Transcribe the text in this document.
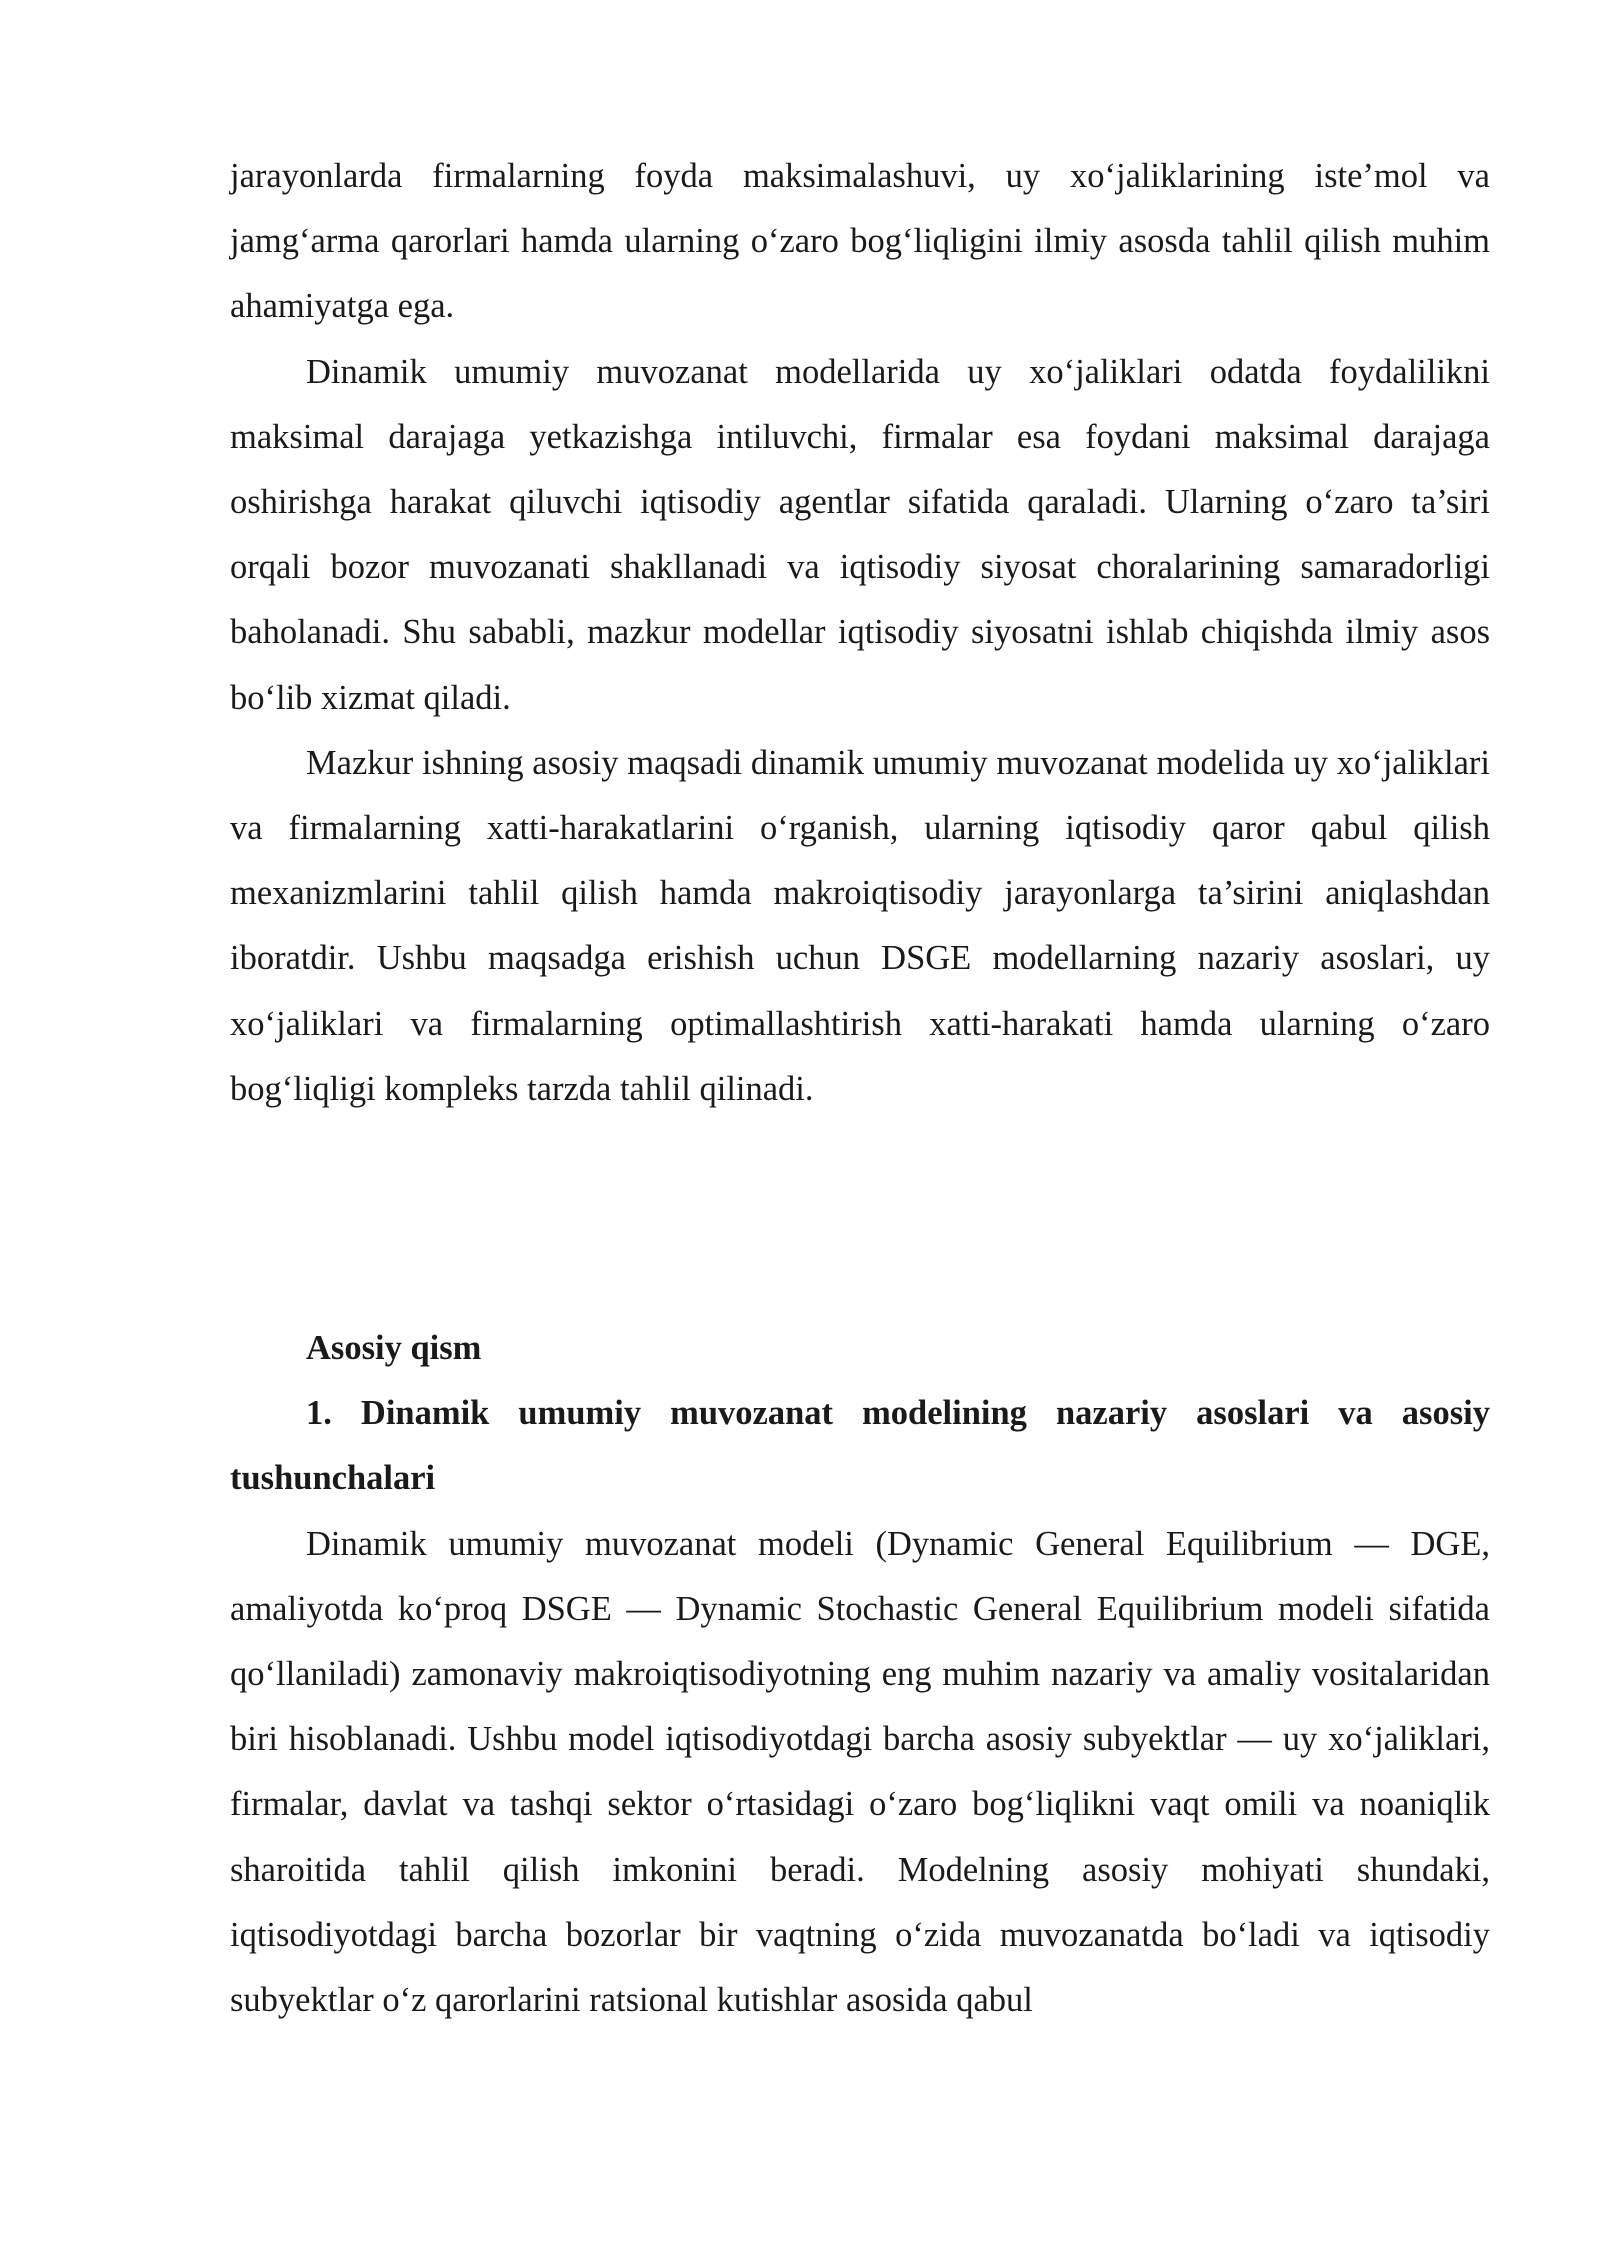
jarayonlarda firmalarning foyda maksimalashuvi, uy xo‘jaliklarining iste’mol va jamg‘arma qarorlari hamda ularning o‘zaro bog‘liqligini ilmiy asosda tahlil qilish muhim ahamiyatga ega.

Dinamik umumiy muvozanat modellarida uy xo‘jaliklari odatda foydalilikni maksimal darajaga yetkazishga intiluvchi, firmalar esa foydani maksimal darajaga oshirishga harakat qiluvchi iqtisodiy agentlar sifatida qaraladi. Ularning o‘zaro ta’siri orqali bozor muvozanati shakllanadi va iqtisodiy siyosat choralarining samaradorligi baholanadi. Shu sababli, mazkur modellar iqtisodiy siyosatni ishlab chiqishda ilmiy asos bo‘lib xizmat qiladi.

Mazkur ishning asosiy maqsadi dinamik umumiy muvozanat modelida uy xo‘jaliklari va firmalarning xatti-harakatlarini o‘rganish, ularning iqtisodiy qaror qabul qilish mexanizmlarini tahlil qilish hamda makroiqtisodiy jarayonlarga ta’sirini aniqlashdan iboratdir. Ushbu maqsadga erishish uchun DSGE modellarning nazariy asoslari, uy xo‘jaliklari va firmalarning optimallashtirish xatti-harakati hamda ularning o‘zaro bog‘liqligi kompleks tarzda tahlil qilinadi.

Asosiy qism

1. Dinamik umumiy muvozanat modelining nazariy asoslari va asosiy tushunchalari

Dinamik umumiy muvozanat modeli (Dynamic General Equilibrium — DGE, amaliyotda ko‘proq DSGE — Dynamic Stochastic General Equilibrium modeli sifatida qo‘llaniladi) zamonaviy makroiqtisodiyotning eng muhim nazariy va amaliy vositalaridan biri hisoblanadi. Ushbu model iqtisodiyotdagi barcha asosiy subyektlar — uy xo‘jaliklari, firmalar, davlat va tashqi sektor o‘rtasidagi o‘zaro bog‘liqlikni vaqt omili va noaniqlik sharoitida tahlil qilish imkonini beradi. Modelning asosiy mohiyati shundaki, iqtisodiyotdagi barcha bozorlar bir vaqtning o‘zida muvozanatda bo‘ladi va iqtisodiy subyektlar o‘z qarorlarini ratsional kutishlar asosida qabul
